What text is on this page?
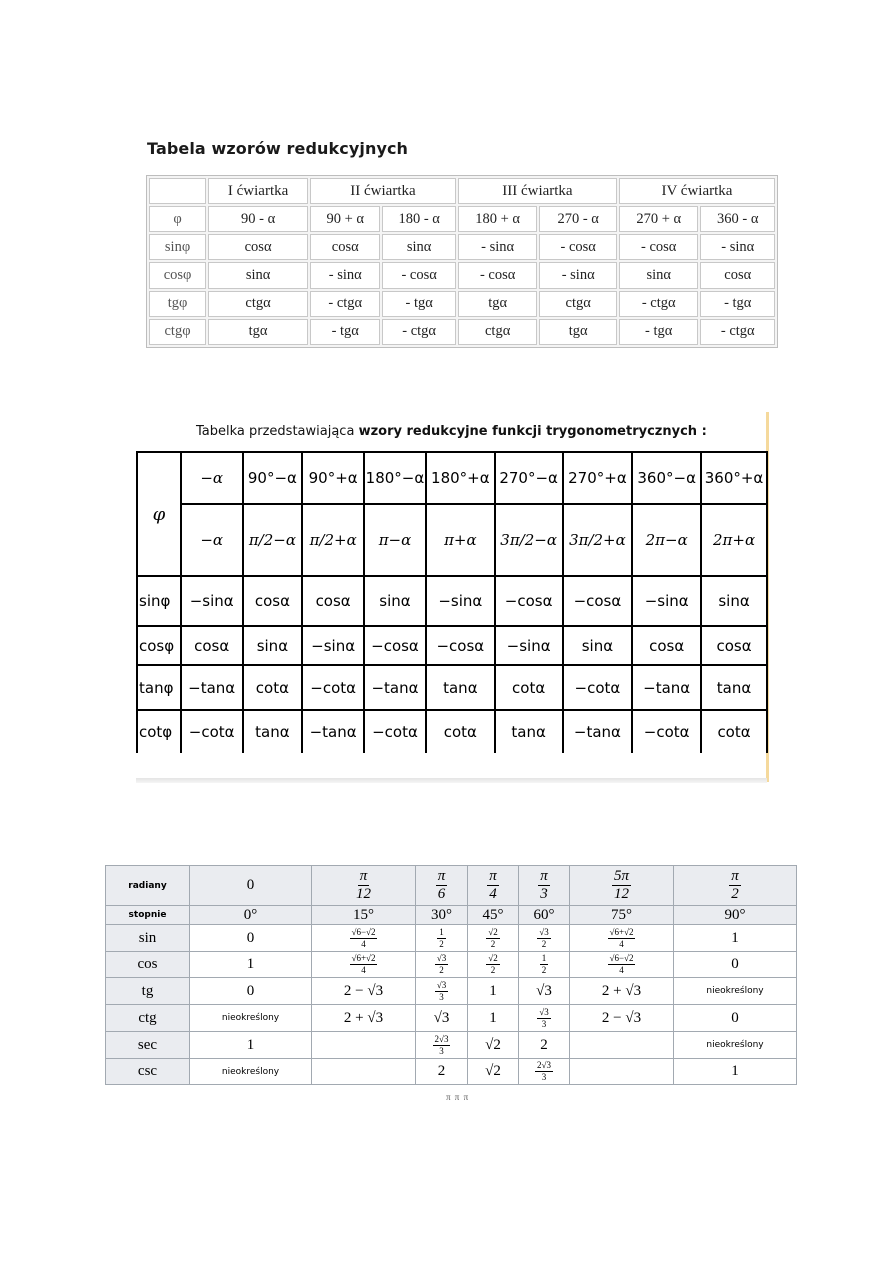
Tabela wzorów redukcyjnych
	I ćwiartka	II ćwiartka		III ćwiartka		IV ćwiartka	
φ	90 - α	90 + α	180 - α	180 + α	270 - α	270 + α	360 - α
sinφ	cosα	cosα	sinα	- sinα	- cosα	- cosα	- sinα
cosφ	sinα	- sinα	- cosα	- cosα	- sinα	sinα	cosα
tgφ	ctgα	- ctgα	- tgα	tgα	ctgα	- ctgα	- tgα
ctgφ	tgα	- tgα	- ctgα	ctgα	tgα	- tgα	- ctgα
Tabelka przedstawiająca wzory redukcyjne funkcji trygonometrycznych :
φ	−α	90°−α	90°+α	180°−α	180°+α	270°−α	270°+α	360°−α	360°+α
	−α	π/2−α	π/2+α	π−α	π+α	3π/2−α	3π/2+α	2π−α	2π+α
sinφ	−sinα	cosα	cosα	sinα	−sinα	−cosα	−cosα	−sinα	sinα
cosφ	cosα	sinα	−sinα	−cosα	−cosα	−sinα	sinα	cosα	cosα
tanφ	−tanα	cotα	−cotα	−tanα	tanα	cotα	−cotα	−tanα	tanα
cotφ	−cotα	tanα	−tanα	−cotα	cotα	tanα	−tanα	−cotα	cotα
radiany	0	$\frac{\pi}{12}$	$\frac{\pi}{6}$	$\frac{\pi}{4}$	$\frac{\pi}{3}$	$\frac{5\pi}{12}$	$\frac{\pi}{2}$

stopnie	0°	15°	30°	45°	60°	75°	90°
sin	0	$\frac{√6-√2}{4}$	$\frac{1}{2}$	$\frac{√2}{2}$	$\frac{√3}{2}$	$\frac{√6+√2}{4}$	1
cos	1	$\frac{√6+√2}{4}$	$\frac{√3}{2}$	$\frac{√2}{2}$	$\frac{1}{2}$	$\frac{√6-√2}{4}$	0
tg	0	2 − √3	$\frac{√3}{3}$	1	√3	2 + √3	nieokreślony
ctg	nieokreślony	2 + √3	√3	1	$\frac{√3}{3}$	2 − √3	0
sec	1		$\frac{2√3}{3}$	√2	2		nieokreślony
csc	nieokreślony		2	√2	$\frac{2√3}{3}$		1
π π π
